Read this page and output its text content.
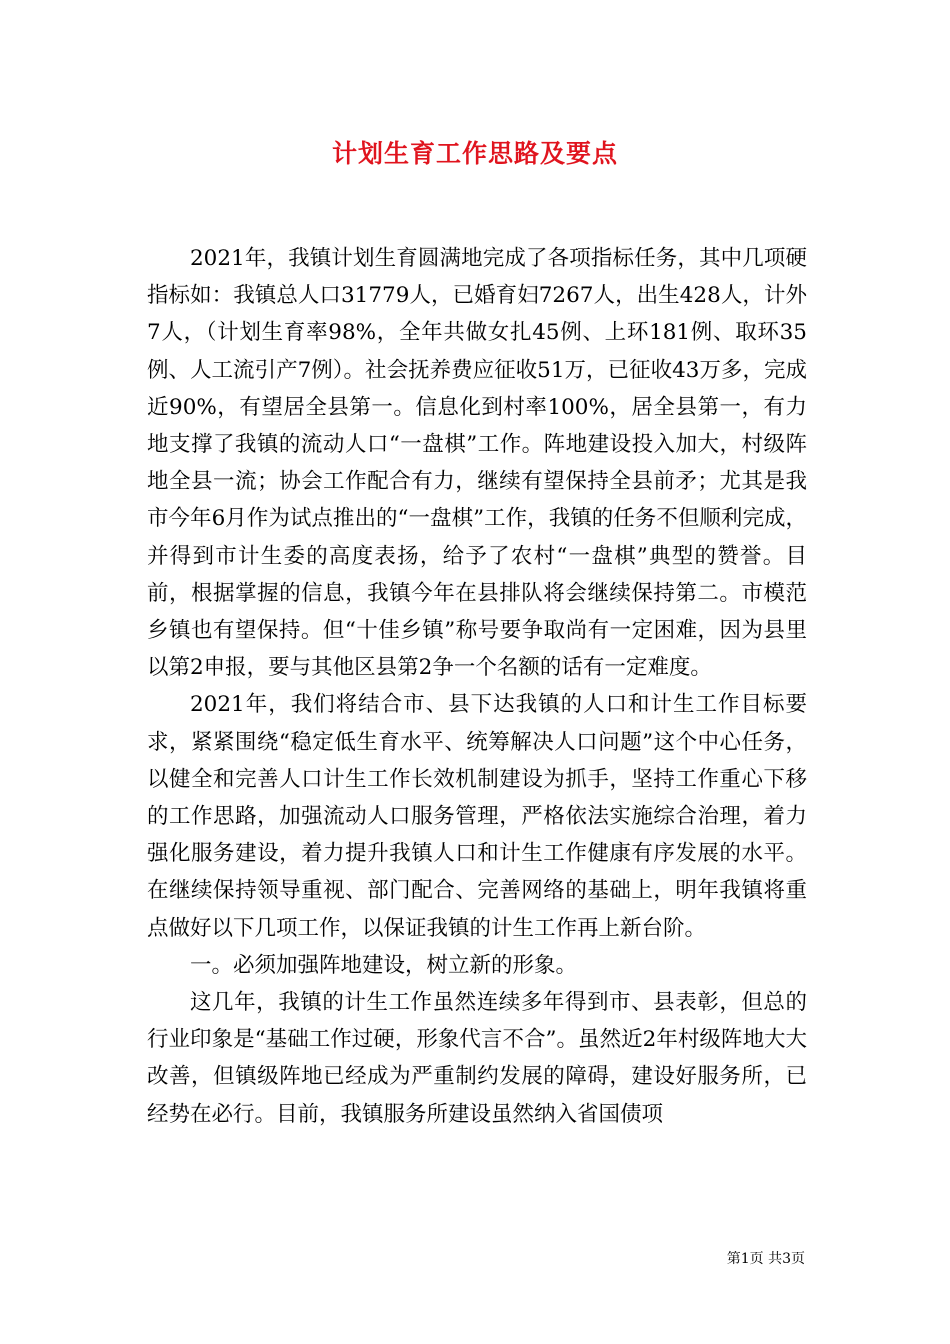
计划生育工作思路及要点

2021年，我镇计划生育圆满地完成了各项指标任务，其中几项硬指标如：我镇总人口31779人，已婚育妇7267人，出生428人，计外7人，（计划生育率98%，全年共做女扎45例、上环181例、取环35例、人工流引产7例）。社会抚养费应征收51万，已征收43万多，完成近90%，有望居全县第一。信息化到村率100%，居全县第一，有力地支撑了我镇的流动人口“一盘棋”工作。阵地建设投入加大，村级阵地全县一流；协会工作配合有力，继续有望保持全县前矛；尤其是我市今年6月作为试点推出的“一盘棋”工作，我镇的任务不但顺利完成，并得到市计生委的高度表扬，给予了农村“一盘棋”典型的赞誉。目前，根据掌握的信息，我镇今年在县排队将会继续保持第二。市模范乡镇也有望保持。但“十佳乡镇”称号要争取尚有一定困难，因为县里以第2申报，要与其他区县第2争一个名额的话有一定难度。

2021年，我们将结合市、县下达我镇的人口和计生工作目标要求，紧紧围绕“稳定低生育水平、统筹解决人口问题”这个中心任务，以健全和完善人口计生工作长效机制建设为抓手，坚持工作重心下移的工作思路，加强流动人口服务管理，严格依法实施综合治理，着力强化服务建设，着力提升我镇人口和计生工作健康有序发展的水平。在继续保持领导重视、部门配合、完善网络的基础上，明年我镇将重点做好以下几项工作，以保证我镇的计生工作再上新台阶。

一。必须加强阵地建设，树立新的形象。

这几年，我镇的计生工作虽然连续多年得到市、县表彰，但总的行业印象是“基础工作过硬，形象代言不合”。虽然近2年村级阵地大大改善，但镇级阵地已经成为严重制约发展的障碍，建设好服务所，已经势在必行。目前，我镇服务所建设虽然纳入省国债项

第1页 共3页
